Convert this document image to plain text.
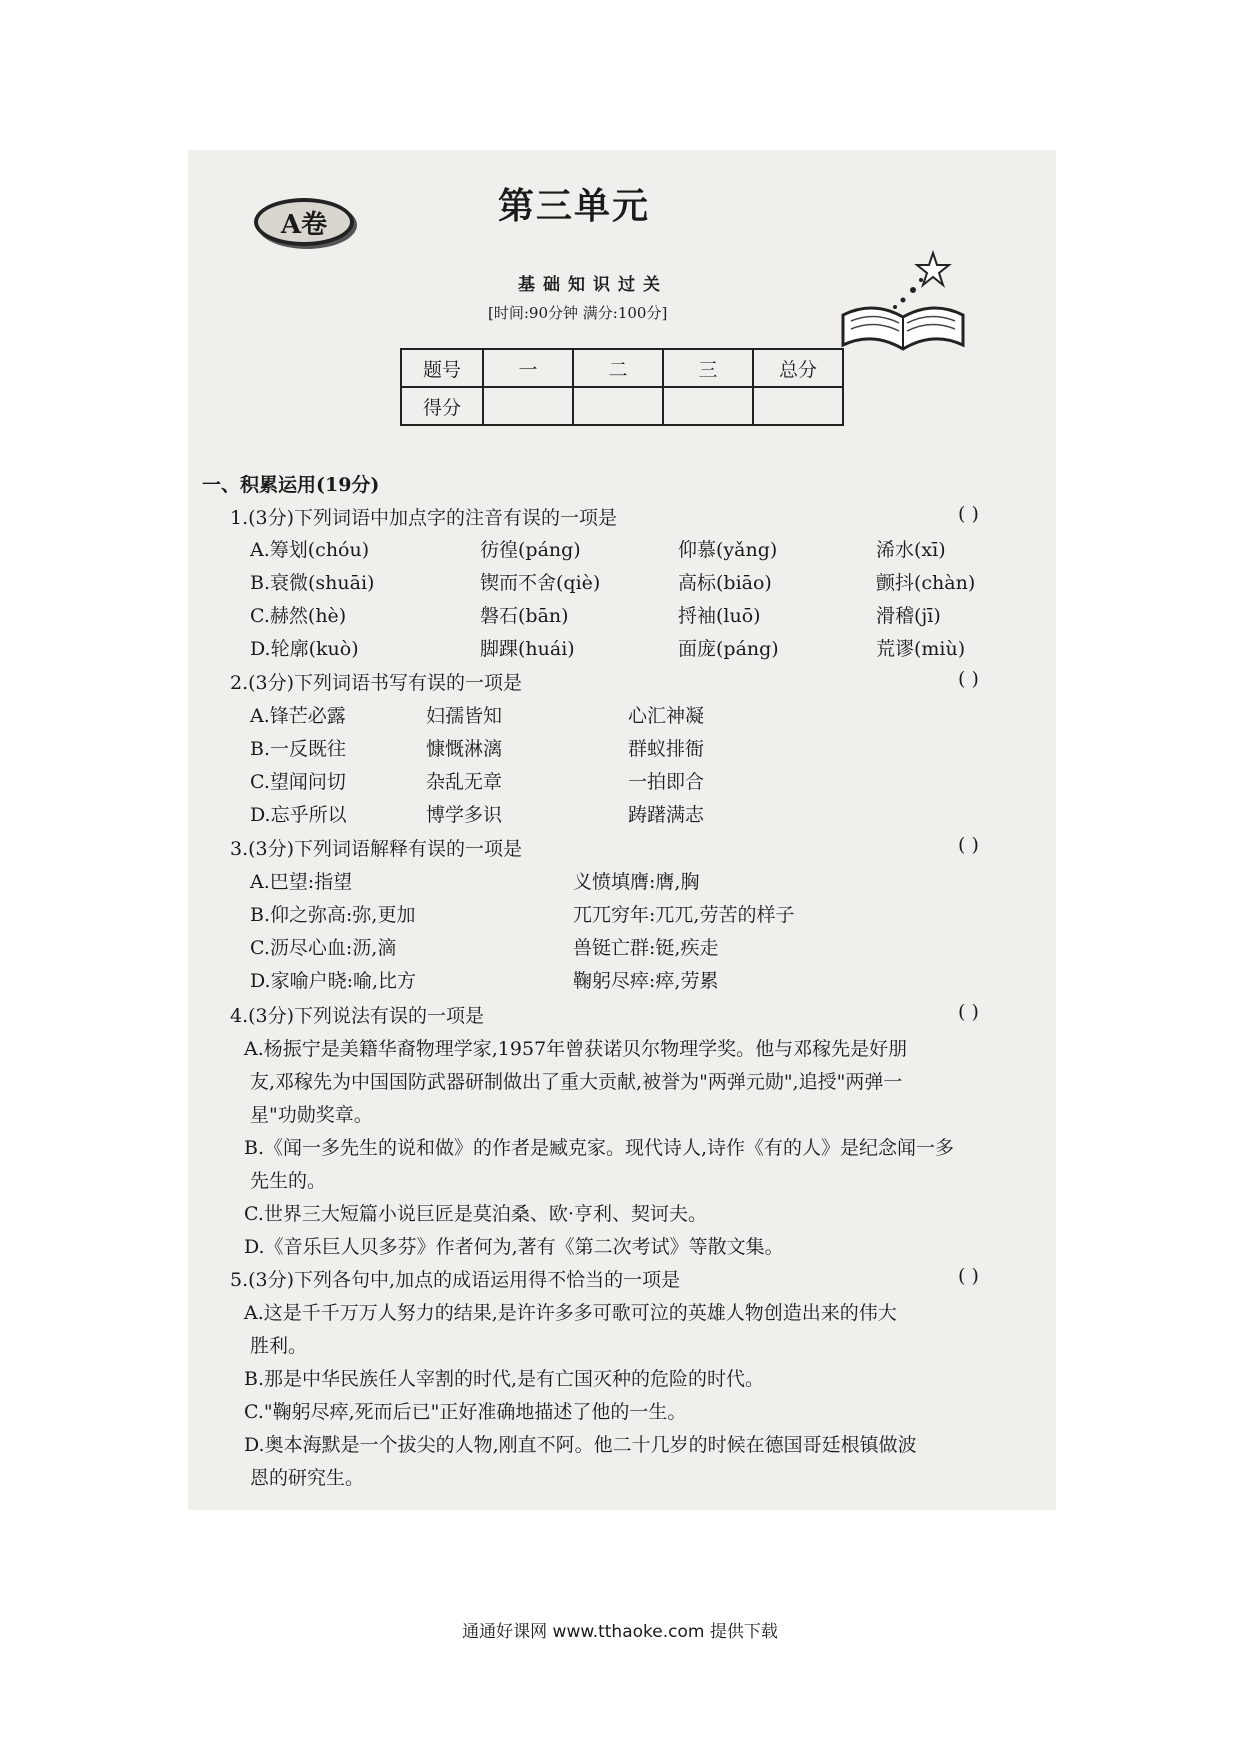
A卷	第三单元
基础知识过关
[时间:90分钟 满分:100分]
题号	一	二	三	总分
得分				
一、积累运用(19分)
1.(3分)下列词语中加点字的注音有误的一项是	( )
A.筹划(chóu)	彷徨(páng)	仰慕(yǎng)	浠水(xī)
B.衰微(shuāi)	锲而不舍(qiè)	高标(biāo)	颤抖(chàn)
C.赫然(hè)	磐石(bān)	捋袖(luō)	滑稽(jī)
D.轮廓(kuò)	脚踝(huái)	面庞(páng)	荒谬(miù)
2.(3分)下列词语书写有误的一项是	( )
A.锋芒必露	妇孺皆知	心汇神凝
B.一反既往	慷慨淋漓	群蚁排衙
C.望闻问切	杂乱无章	一拍即合
D.忘乎所以	博学多识	踌躇满志
3.(3分)下列词语解释有误的一项是	( )
A.巴望:指望	义愤填膺:膺,胸
B.仰之弥高:弥,更加	兀兀穷年:兀兀,劳苦的样子
C.沥尽心血:沥,滴	兽铤亡群:铤,疾走
D.家喻户晓:喻,比方	鞠躬尽瘁:瘁,劳累
4.(3分)下列说法有误的一项是	( )
A.杨振宁是美籍华裔物理学家,1957年曾获诺贝尔物理学奖。他与邓稼先是好朋
友,邓稼先为中国国防武器研制做出了重大贡献,被誉为"两弹元勋",追授"两弹一
星"功勋奖章。
B.《闻一多先生的说和做》的作者是臧克家。现代诗人,诗作《有的人》是纪念闻一多
先生的。
C.世界三大短篇小说巨匠是莫泊桑、欧·亨利、契诃夫。
D.《音乐巨人贝多芬》作者何为,著有《第二次考试》等散文集。
5.(3分)下列各句中,加点的成语运用得不恰当的一项是	( )
A.这是千千万万人努力的结果,是许许多多可歌可泣的英雄人物创造出来的伟大
胜利。
B.那是中华民族任人宰割的时代,是有亡国灭种的危险的时代。
C."鞠躬尽瘁,死而后已"正好准确地描述了他的一生。
D.奥本海默是一个拔尖的人物,刚直不阿。他二十几岁的时候在德国哥廷根镇做波
恩的研究生。
通通好课网 www.tthaoke.com 提供下载
